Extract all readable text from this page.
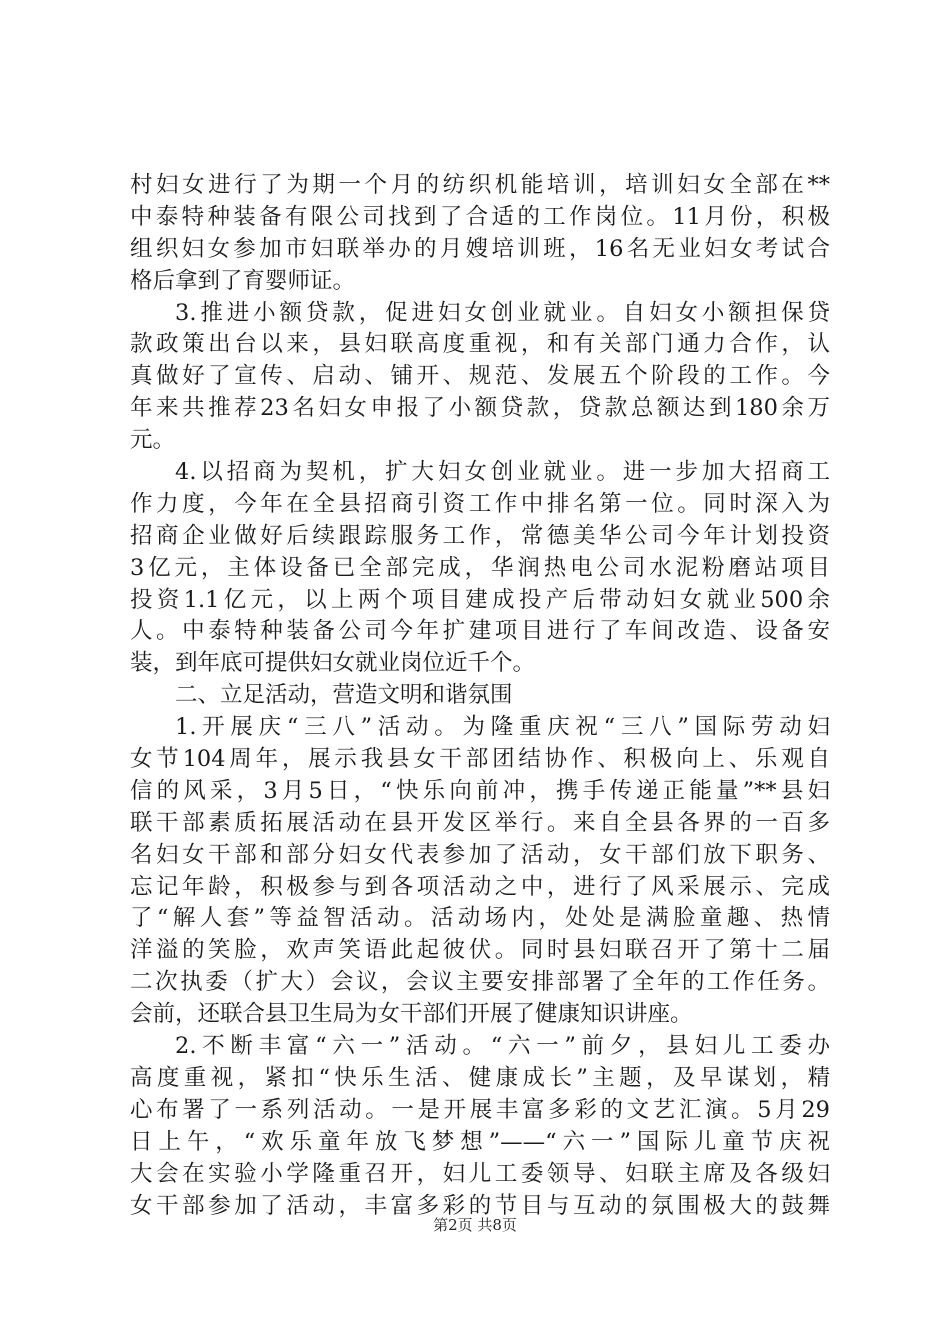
村妇女进行了为期一个月的纺织机能培训，培训妇女全部在**
中泰特种装备有限公司找到了合适的工作岗位。11月份，积极
组织妇女参加市妇联举办的月嫂培训班，16名无业妇女考试合
格后拿到了育婴师证。
3.推进小额贷款，促进妇女创业就业。自妇女小额担保贷
款政策出台以来，县妇联高度重视，和有关部门通力合作，认
真做好了宣传、启动、铺开、规范、发展五个阶段的工作。今
年来共推荐23名妇女申报了小额贷款，贷款总额达到180余万
元。
4.以招商为契机，扩大妇女创业就业。进一步加大招商工
作力度，今年在全县招商引资工作中排名第一位。同时深入为
招商企业做好后续跟踪服务工作，常德美华公司今年计划投资
3亿元，主体设备已全部完成，华润热电公司水泥粉磨站项目
投资1.1亿元，以上两个项目建成投产后带动妇女就业500余
人。中泰特种装备公司今年扩建项目进行了车间改造、设备安
装，到年底可提供妇女就业岗位近千个。
二、立足活动，营造文明和谐氛围
1.开展庆“三八”活动。为隆重庆祝“三八”国际劳动妇
女节104周年，展示我县女干部团结协作、积极向上、乐观自
信的风采，3月5日，“快乐向前冲，携手传递正能量”**县妇
联干部素质拓展活动在县开发区举行。来自全县各界的一百多
名妇女干部和部分妇女代表参加了活动，女干部们放下职务、
忘记年龄，积极参与到各项活动之中，进行了风采展示、完成
了“解人套”等益智活动。活动场内，处处是满脸童趣、热情
洋溢的笑脸，欢声笑语此起彼伏。同时县妇联召开了第十二届
二次执委（扩大）会议，会议主要安排部署了全年的工作任务。
会前，还联合县卫生局为女干部们开展了健康知识讲座。
2.不断丰富“六一”活动。“六一”前夕，县妇儿工委办
高度重视，紧扣“快乐生活、健康成长”主题，及早谋划，精
心布署了一系列活动。一是开展丰富多彩的文艺汇演。5月29
日上午，“欢乐童年放飞梦想”——“六一”国际儿童节庆祝
大会在实验小学隆重召开，妇儿工委领导、妇联主席及各级妇
女干部参加了活动，丰富多彩的节目与互动的氛围极大的鼓舞
第2页 共8页
